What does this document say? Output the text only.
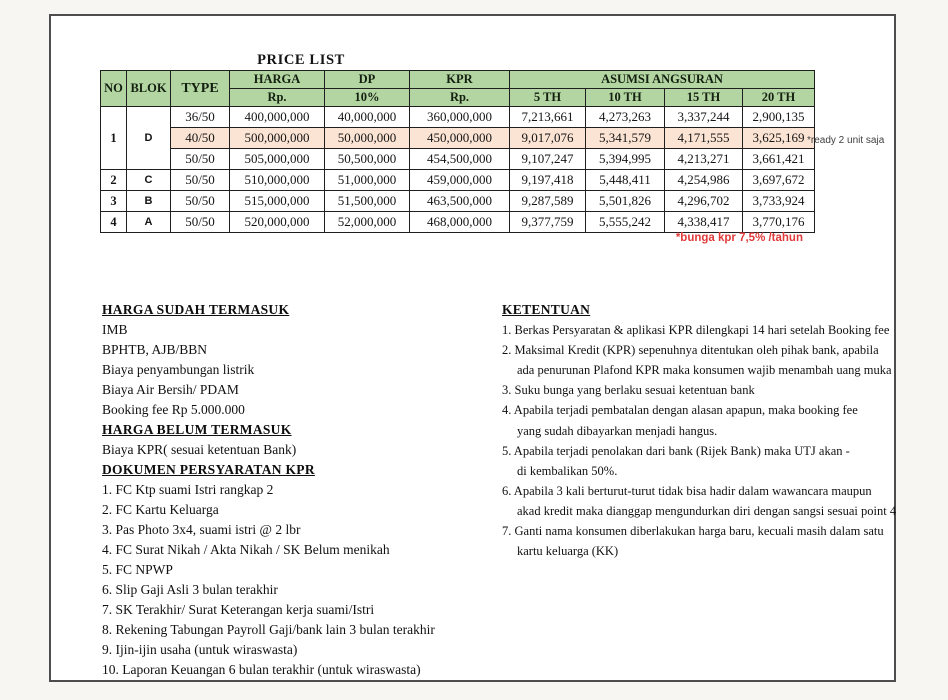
PRICE LIST
NO	BLOK	TYPE	HARGA	DP	KPR	ASUMSI ANGSURAN			
			Rp.	10%	Rp.	5 TH	10 TH	15 TH	20 TH
1	D	36/50	400,000,000	40,000,000	360,000,000	7,213,661	4,273,263	3,337,244	2,900,135
		40/50	500,000,000	50,000,000	450,000,000	9,017,076	5,341,579	4,171,555	3,625,169
		50/50	505,000,000	50,500,000	454,500,000	9,107,247	5,394,995	4,213,271	3,661,421
2	C	50/50	510,000,000	51,000,000	459,000,000	9,197,418	5,448,411	4,254,986	3,697,672
3	B	50/50	515,000,000	51,500,000	463,500,000	9,287,589	5,501,826	4,296,702	3,733,924
4	A	50/50	520,000,000	52,000,000	468,000,000	9,377,759	5,555,242	4,338,417	3,770,176
*ready 2 unit saja
*bunga kpr 7,5% /tahun
HARGA SUDAH TERMASUK
IMB
BPHTB, AJB/BBN
Biaya penyambungan listrik
Biaya Air Bersih/ PDAM
Booking fee Rp 5.000.000
HARGA BELUM TERMASUK
Biaya KPR( sesuai ketentuan Bank)
DOKUMEN PERSYARATAN KPR
1. FC Ktp suami Istri rangkap 2
2. FC Kartu Keluarga
3. Pas Photo 3x4, suami istri @ 2 lbr
4. FC Surat Nikah / Akta Nikah / SK Belum menikah
5. FC NPWP
6. Slip Gaji Asli 3 bulan terakhir
7. SK Terakhir/ Surat Keterangan kerja suami/Istri
8. Rekening Tabungan Payroll Gaji/bank lain 3 bulan terakhir
9. Ijin-ijin usaha (untuk wiraswasta)
10. Laporan Keuangan 6 bulan terakhir (untuk wiraswasta)
KETENTUAN
1. Berkas Persyaratan & aplikasi KPR dilengkapi 14 hari setelah Booking fee
2. Maksimal Kredit (KPR) sepenuhnya ditentukan oleh pihak bank, apabila
ada penurunan Plafond KPR maka konsumen wajib menambah uang muka
3. Suku bunga yang berlaku sesuai ketentuan bank
4. Apabila terjadi pembatalan dengan alasan apapun, maka booking fee
yang sudah dibayarkan menjadi hangus.
5. Apabila terjadi penolakan dari bank (Rijek Bank) maka UTJ akan -
di kembalikan 50%.
6. Apabila 3 kali berturut-turut tidak bisa hadir dalam wawancara maupun
akad kredit maka dianggap mengundurkan diri dengan sangsi sesuai point 4
7. Ganti nama konsumen diberlakukan harga baru, kecuali masih dalam satu
kartu keluarga (KK)
